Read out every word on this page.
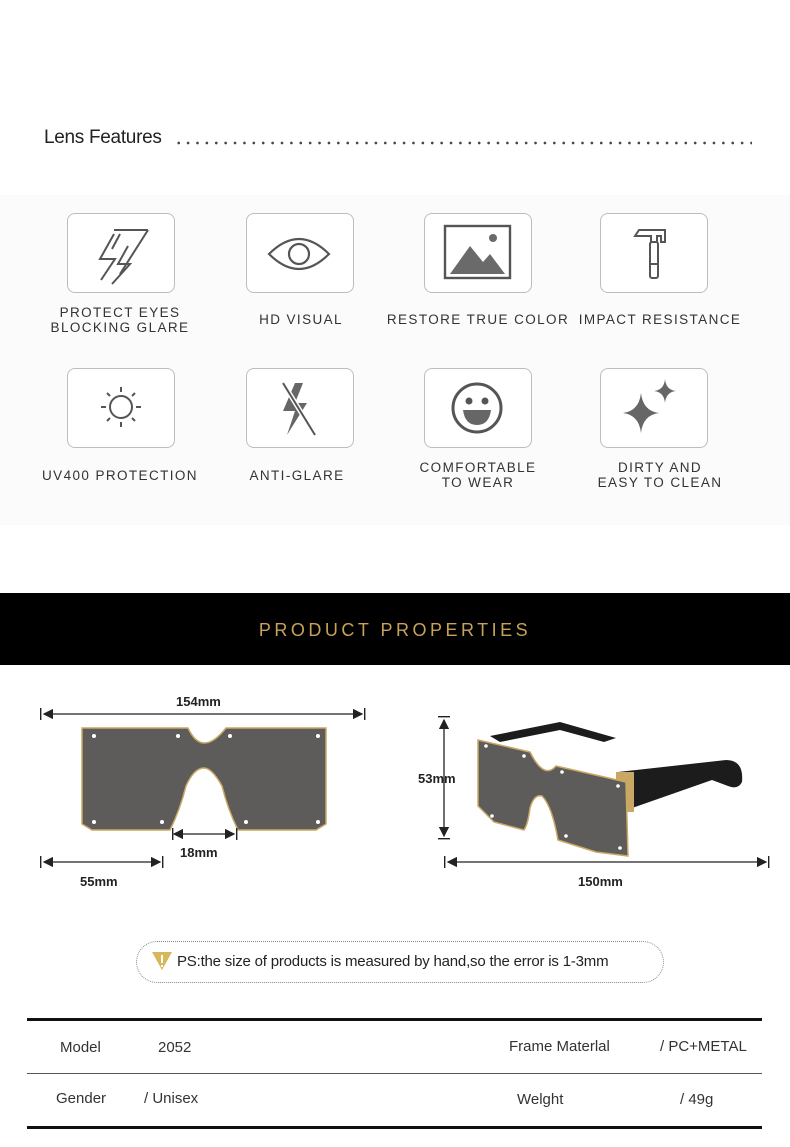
Lens Features
PROTECT EYES
BLOCKING GLARE
HD VISUAL	RESTORE TRUE COLOR IMPACT RESISTANCE
UV400 PROTECTION	ANTI-GLARE
COMFORTABLE
TO WEAR
DIRTY AND
EASY TO CLEAN
PRODUCT PROPERTIES
154mm
18mm
55mm
53mm
150mm
PS:the size of products is measured by hand,so the error is 1-3mm
Model	2052	Frame Materlal	/ PC+METAL
Gender	/ Unisex	Welght	/ 49g
